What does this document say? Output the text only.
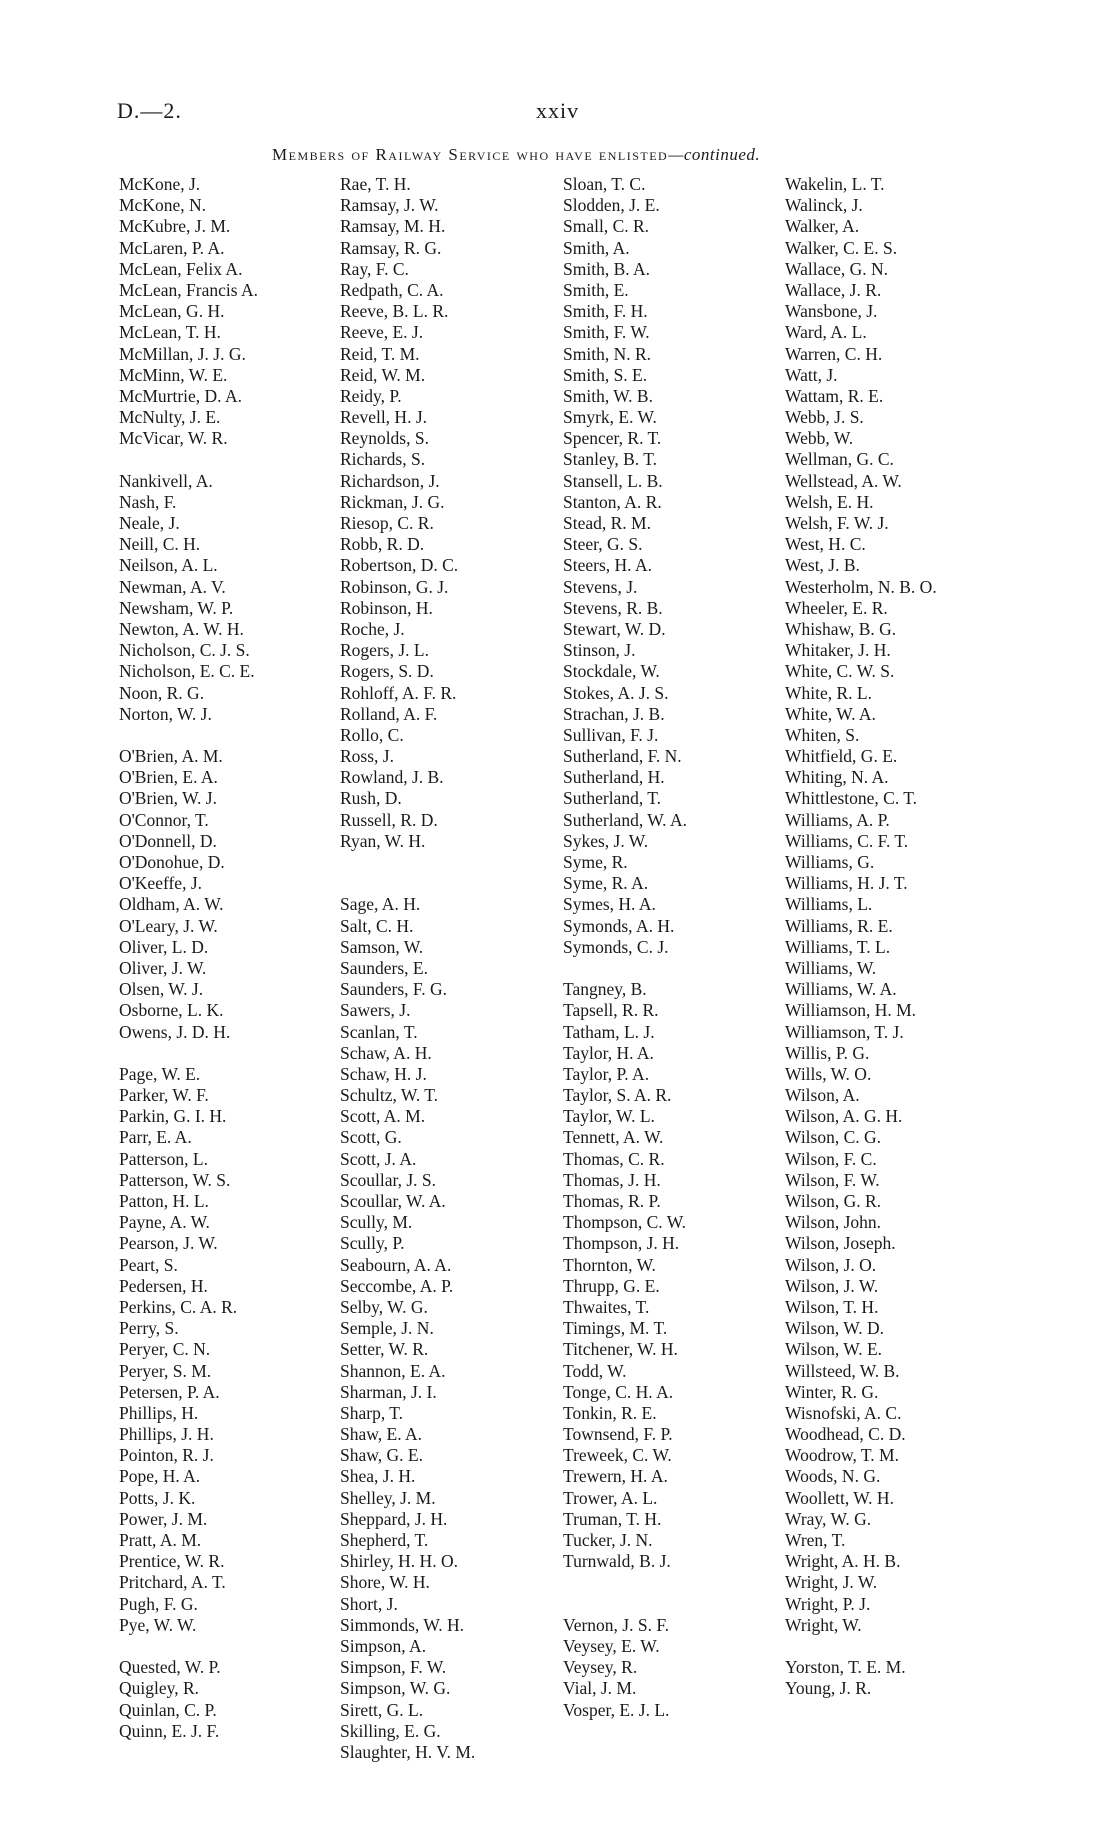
D.—2.	xxiv
Members of Railway Service who have enlisted—continued.
McKone, J.
McKone, N.
McKubre, J. M.
McLaren, P. A.
McLean, Felix A.
McLean, Francis A.
McLean, G. H.
McLean, T. H.
McMillan, J. J. G.
McMinn, W. E.
McMurtrie, D. A.
McNulty, J. E.
McVicar, W. R.
Nankivell, A.
Nash, F.
Neale, J.
Neill, C. H.
Neilson, A. L.
Newman, A. V.
Newsham, W. P.
Newton, A. W. H.
Nicholson, C. J. S.
Nicholson, E. C. E.
Noon, R. G.
Norton, W. J.
O'Brien, A. M.
O'Brien, E. A.
O'Brien, W. J.
O'Connor, T.
O'Donnell, D.
O'Donohue, D.
O'Keeffe, J.
Oldham, A. W.
O'Leary, J. W.
Oliver, L. D.
Oliver, J. W.
Olsen, W. J.
Osborne, L. K.
Owens, J. D. H.
Page, W. E.
Parker, W. F.
Parkin, G. I. H.
Parr, E. A.
Patterson, L.
Patterson, W. S.
Patton, H. L.
Payne, A. W.
Pearson, J. W.
Peart, S.
Pedersen, H.
Perkins, C. A. R.
Perry, S.
Peryer, C. N.
Peryer, S. M.
Petersen, P. A.
Phillips, H.
Phillips, J. H.
Pointon, R. J.
Pope, H. A.
Potts, J. K.
Power, J. M.
Pratt, A. M.
Prentice, W. R.
Pritchard, A. T.
Pugh, F. G.
Pye, W. W.
Quested, W. P.
Quigley, R.
Quinlan, C. P.
Quinn, E. J. F.
Rae, T. H.
Ramsay, J. W.
Ramsay, M. H.
Ramsay, R. G.
Ray, F. C.
Redpath, C. A.
Reeve, B. L. R.
Reeve, E. J.
Reid, T. M.
Reid, W. M.
Reidy, P.
Revell, H. J.
Reynolds, S.
Richards, S.
Richardson, J.
Rickman, J. G.
Riesop, C. R.
Robb, R. D.
Robertson, D. C.
Robinson, G. J.
Robinson, H.
Roche, J.
Rogers, J. L.
Rogers, S. D.
Rohloff, A. F. R.
Rolland, A. F.
Rollo, C.
Ross, J.
Rowland, J. B.
Rush, D.
Russell, R. D.
Ryan, W. H.
Sage, A. H.
Salt, C. H.
Samson, W.
Saunders, E.
Saunders, F. G.
Sawers, J.
Scanlan, T.
Schaw, A. H.
Schaw, H. J.
Schultz, W. T.
Scott, A. M.
Scott, G.
Scott, J. A.
Scoullar, J. S.
Scoullar, W. A.
Scully, M.
Scully, P.
Seabourn, A. A.
Seccombe, A. P.
Selby, W. G.
Semple, J. N.
Setter, W. R.
Shannon, E. A.
Sharman, J. I.
Sharp, T.
Shaw, E. A.
Shaw, G. E.
Shea, J. H.
Shelley, J. M.
Sheppard, J. H.
Shepherd, T.
Shirley, H. H. O.
Shore, W. H.
Short, J.
Simmonds, W. H.
Simpson, A.
Simpson, F. W.
Simpson, W. G.
Sirett, G. L.
Skilling, E. G.
Slaughter, H. V. M.
Sloan, T. C.
Slodden, J. E.
Small, C. R.
Smith, A.
Smith, B. A.
Smith, E.
Smith, F. H.
Smith, F. W.
Smith, N. R.
Smith, S. E.
Smith, W. B.
Smyrk, E. W.
Spencer, R. T.
Stanley, B. T.
Stansell, L. B.
Stanton, A. R.
Stead, R. M.
Steer, G. S.
Steers, H. A.
Stevens, J.
Stevens, R. B.
Stewart, W. D.
Stinson, J.
Stockdale, W.
Stokes, A. J. S.
Strachan, J. B.
Sullivan, F. J.
Sutherland, F. N.
Sutherland, H.
Sutherland, T.
Sutherland, W. A.
Sykes, J. W.
Syme, R.
Syme, R. A.
Symes, H. A.
Symonds, A. H.
Symonds, C. J.
Tangney, B.
Tapsell, R. R.
Tatham, L. J.
Taylor, H. A.
Taylor, P. A.
Taylor, S. A. R.
Taylor, W. L.
Tennett, A. W.
Thomas, C. R.
Thomas, J. H.
Thomas, R. P.
Thompson, C. W.
Thompson, J. H.
Thornton, W.
Thrupp, G. E.
Thwaites, T.
Timings, M. T.
Titchener, W. H.
Todd, W.
Tonge, C. H. A.
Tonkin, R. E.
Townsend, F. P.
Treweek, C. W.
Trewern, H. A.
Trower, A. L.
Truman, T. H.
Tucker, J. N.
Turnwald, B. J.
Vernon, J. S. F.
Veysey, E. W.
Veysey, R.
Vial, J. M.
Vosper, E. J. L.
Wakelin, L. T.
Walinck, J.
Walker, A.
Walker, C. E. S.
Wallace, G. N.
Wallace, J. R.
Wansbone, J.
Ward, A. L.
Warren, C. H.
Watt, J.
Wattam, R. E.
Webb, J. S.
Webb, W.
Wellman, G. C.
Wellstead, A. W.
Welsh, E. H.
Welsh, F. W. J.
West, H. C.
West, J. B.
Westerholm, N. B. O.
Wheeler, E. R.
Whishaw, B. G.
Whitaker, J. H.
White, C. W. S.
White, R. L.
White, W. A.
Whiten, S.
Whitfield, G. E.
Whiting, N. A.
Whittlestone, C. T.
Williams, A. P.
Williams, C. F. T.
Williams, G.
Williams, H. J. T.
Williams, L.
Williams, R. E.
Williams, T. L.
Williams, W.
Williams, W. A.
Williamson, H. M.
Williamson, T. J.
Willis, P. G.
Wills, W. O.
Wilson, A.
Wilson, A. G. H.
Wilson, C. G.
Wilson, F. C.
Wilson, F. W.
Wilson, G. R.
Wilson, John.
Wilson, Joseph.
Wilson, J. O.
Wilson, J. W.
Wilson, T. H.
Wilson, W. D.
Wilson, W. E.
Willsteed, W. B.
Winter, R. G.
Wisnofski, A. C.
Woodhead, C. D.
Woodrow, T. M.
Woods, N. G.
Woollett, W. H.
Wray, W. G.
Wren, T.
Wright, A. H. B.
Wright, J. W.
Wright, P. J.
Wright, W.
Yorston, T. E. M.
Young, J. R.
